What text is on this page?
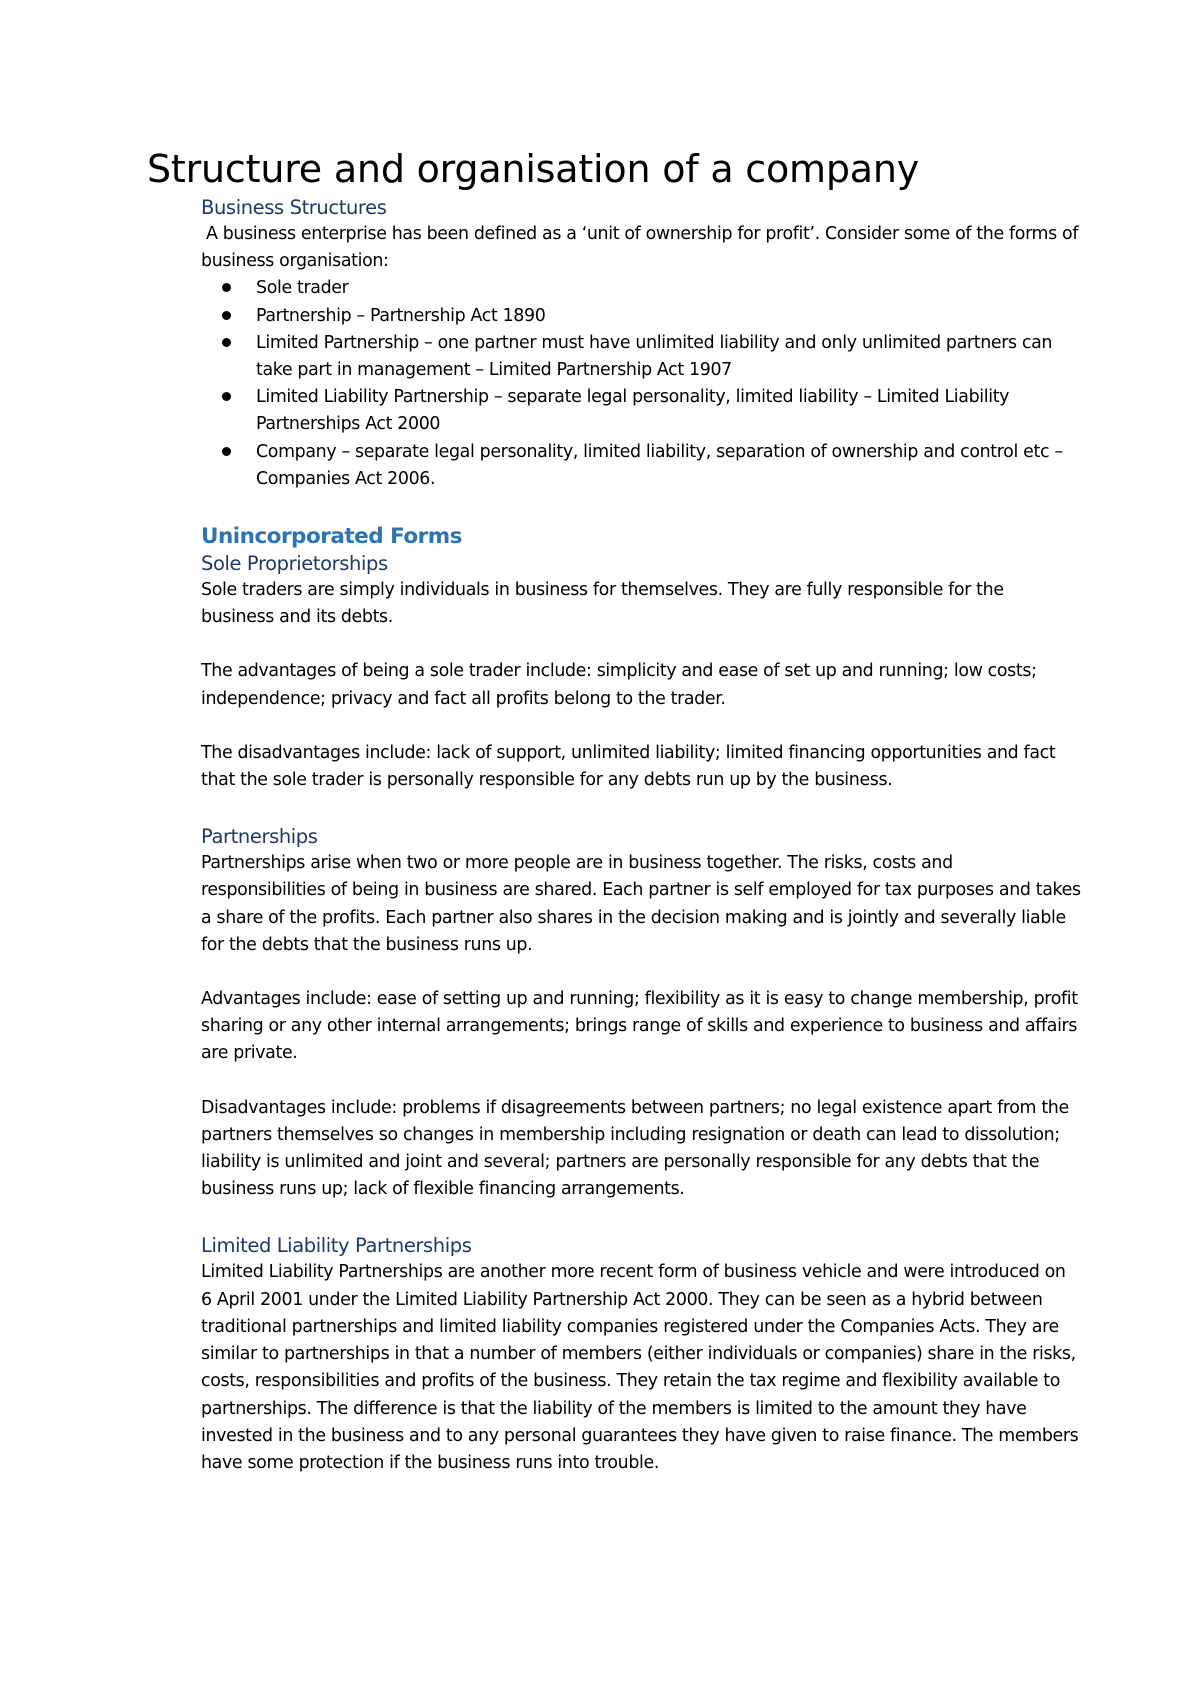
Structure and organisation of a company
Business Structures

A business enterprise has been defined as a ‘unit of ownership for profit’. Consider some of the forms of business organisation:

Sole trader
Partnership – Partnership Act 1890
Limited Partnership – one partner must have unlimited liability and only unlimited partners can take part in management – Limited Partnership Act 1907
Limited Liability Partnership – separate legal personality, limited liability – Limited Liability Partnerships Act 2000
Company – separate legal personality, limited liability, separation of ownership and control etc – Companies Act 2006.
Unincorporated Forms
Sole Proprietorships

Sole traders are simply individuals in business for themselves. They are fully responsible for the business and its debts.

The advantages of being a sole trader include: simplicity and ease of set up and running; low costs; independence; privacy and fact all profits belong to the trader.

The disadvantages include: lack of support, unlimited liability; limited financing opportunities and fact that the sole trader is personally responsible for any debts run up by the business.

Partnerships

Partnerships arise when two or more people are in business together. The risks, costs and responsibilities of being in business are shared. Each partner is self employed for tax purposes and takes a share of the profits. Each partner also shares in the decision making and is jointly and severally liable for the debts that the business runs up.

Advantages include: ease of setting up and running; flexibility as it is easy to change membership, profit sharing or any other internal arrangements; brings range of skills and experience to business and affairs are private.

Disadvantages include: problems if disagreements between partners; no legal existence apart from the partners themselves so changes in membership including resignation or death can lead to dissolution; liability is unlimited and joint and several; partners are personally responsible for any debts that the business runs up; lack of flexible financing arrangements.

Limited Liability Partnerships

Limited Liability Partnerships are another more recent form of business vehicle and were introduced on 6 April 2001 under the Limited Liability Partnership Act 2000. They can be seen as a hybrid between traditional partnerships and limited liability companies registered under the Companies Acts. They are similar to partnerships in that a number of members (either individuals or companies) share in the risks, costs, responsibilities and profits of the business. They retain the tax regime and flexibility available to partnerships. The difference is that the liability of the members is limited to the amount they have invested in the business and to any personal guarantees they have given to raise finance. The members have some protection if the business runs into trouble.
